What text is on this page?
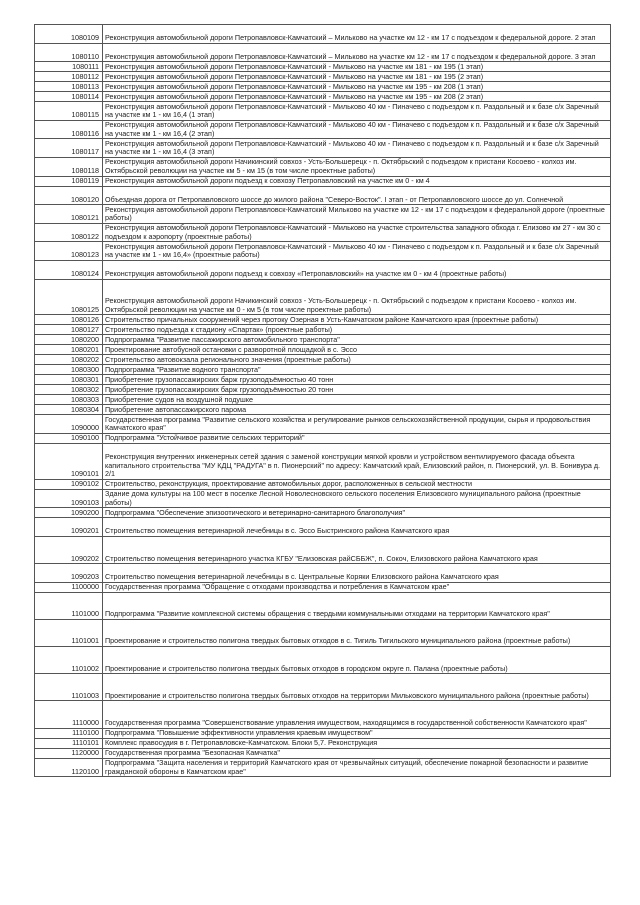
1080109	Реконструкция автомобильной дороги Петропавловск-Камчатский – Мильково на участке км 12 - км 17 с подъездом к федеральной дороге. 2 этап
1080110	Реконструкция автомобильной дороги Петропавловск-Камчатский – Мильково на участке км 12 - км 17 с подъездом к федеральной дороге. 3 этап
1080111	Реконструкция автомобильной дороги Петропавловск-Камчатский - Мильково на участке км 181 - км 195 (1 этап)
1080112	Реконструкция автомобильной дороги Петропавловск-Камчатский - Мильково на участке км 181 - км 195 (2 этап)
1080113	Реконструкция автомобильной дороги Петропавловск-Камчатский - Мильково на участке км 195 - км 208 (1 этап)
1080114	Реконструкция автомобильной дороги Петропавловск-Камчатский - Мильково на участке км 195 - км 208 (2 этап)
1080115	Реконструкция автомобильной дороги Петропавловск-Камчатский - Мильково 40 км - Пиначево с подъездом к п. Раздольный и к базе с/х Заречный на участке км 1 - км 16,4 (1 этап)
1080116	Реконструкция автомобильной дороги Петропавловск-Камчатский - Мильково 40 км - Пиначево с подъездом к п. Раздольный и к базе с/х Заречный на участке км 1 - км 16,4 (2 этап)
1080117	Реконструкция автомобильной дороги Петропавловск-Камчатский - Мильково 40 км - Пиначево с подъездом к п. Раздольный и к базе с/х Заречный на участке км 1 - км 16,4 (3 этап)
1080118	Реконструкция автомобильной дороги Начикинский совхоз - Усть-Большерецк - п. Октябрьский с подъездом к пристани Косоево - колхоз им. Октябрьской революции на участке км 5 - км 15 (в том числе проектные работы)
1080119	Реконструкция автомобильной дороги подъезд к совхозу Петропавловский на участке км 0 - км 4
1080120	Объездная дорога от Петропавловского шоссе до жилого района "Северо-Восток". I этап - от Петропавловского шоссе до ул. Солнечной
1080121	Реконструкция автомобильной дороги Петропавловск-Камчатский Мильково на участке км 12 - км 17 с подъездом к федеральной дороге (проектные работы)
1080122	Реконструкция автомобильной дороги Петропавловск-Камчатский - Мильково на участке строительства западного обхода г. Елизово км 27 - км 30 с подъездом к аэропорту (проектные работы)
1080123	Реконструкция автомобильной дороги Петропавловск-Камчатский - Мильково 40 км - Пиначево с подъездом к п. Раздольный и к базе с/х Заречный на участке км 1 - км 16,4» (проектные работы)
1080124	Реконструкция автомобильной дороги подъезд к совхозу «Петропавловский» на участке км 0 - км 4 (проектные работы)
1080125	Реконструкция автомобильной дороги Начикинский совхоз - Усть-Большерецк - п. Октябрьский с подъездом к пристани Косоево - колхоз им. Октябрьской революции на участке км 0 - км 5 (в том числе проектные работы)
1080126	Строительство причальных сооружений через протоку Озерная в Усть-Камчатском районе Камчатского края (проектные работы)
1080127	Строительство подъезда к стадиону «Спартак» (проектные работы)
1080200	Подпрограмма "Развитие пассажирского автомобильного транспорта"
1080201	Проектирование автобусной остановки с разворотной площадкой в с. Эссо
1080202	Строительство автовокзала регионального значения (проектные работы)
1080300	Подпрограмма "Развитие водного транспорта"
1080301	Приобретение грузопассажирских барж грузоподъёмностью 40 тонн
1080302	Приобретение грузопассажирских барж грузоподъёмностью 20 тонн
1080303	Приобретение судов на воздушной подушке
1080304	Приобретение автопассажирского парома
1090000	Государственная программа "Развитие сельского хозяйства и регулирование рынков сельскохозяйственной продукции, сырья и продовольствия Камчатского края"
1090100	Подпрограмма "Устойчивое развитие сельских территорий"
1090101	Реконструкция внутренних инженерных сетей здания с заменой конструкции мягкой кровли и устройством вентилируемого фасада объекта капитального строительства "МУ КДЦ "РАДУГА" в п. Пионерский" по адресу: Камчатский край, Елизовский район, п. Пионерский, ул. В. Бонивура д. 2/1
1090102	Строительство, реконструкция, проектирование автомобильных дорог, расположенных в сельской местности
1090103	Здание дома культуры на 100 мест в поселке Лесной Новолесновского сельского поселения Елизовского муниципального района (проектные работы)
1090200	Подпрограмма "Обеспечение эпизоотического и ветеринарно-санитарного благополучия"
1090201	Строительство помещения ветеринарной лечебницы в с. Эссо Быстринского района Камчатского края
1090202	Строительство помещения ветеринарного участка КГБУ "Елизовская райСББЖ", п. Сокоч, Елизовского района Камчатского края
1090203	Строительство помещения ветеринарной лечебницы в с. Центральные Коряки Елизовского района Камчатского края
1100000	Государственная программа "Обращение с отходами производства и потребления в Камчатском крае"
1101000	Подпрограмма "Развитие комплексной системы обращения с твердыми коммунальными отходами на территории Камчатского края"
1101001	Проектирование и строительство полигона твердых бытовых отходов в с. Тигиль Тигильского муниципального района (проектные работы)
1101002	Проектирование и строительство полигона твердых бытовых отходов в городском округе п. Палана (проектные работы)
1101003	Проектирование и строительство полигона твердых бытовых отходов на территории Мильковского муниципального района (проектные работы)
1110000	Государственная программа "Совершенствование управления имуществом, находящимся в государственной собственности Камчатского края"
1110100	Подпрограмма "Повышение эффективности управления краевым имуществом"
1110101	Комплекс правосудия в г. Петропавловске-Камчатском. Блоки 5,7. Реконструкция
1120000	Государственная программа "Безопасная Камчатка"
1120100	Подпрограмма "Защита населения и территорий Камчатского края от чрезвычайных ситуаций, обеспечение пожарной безопасности и развитие гражданской обороны в Камчатском крае"
